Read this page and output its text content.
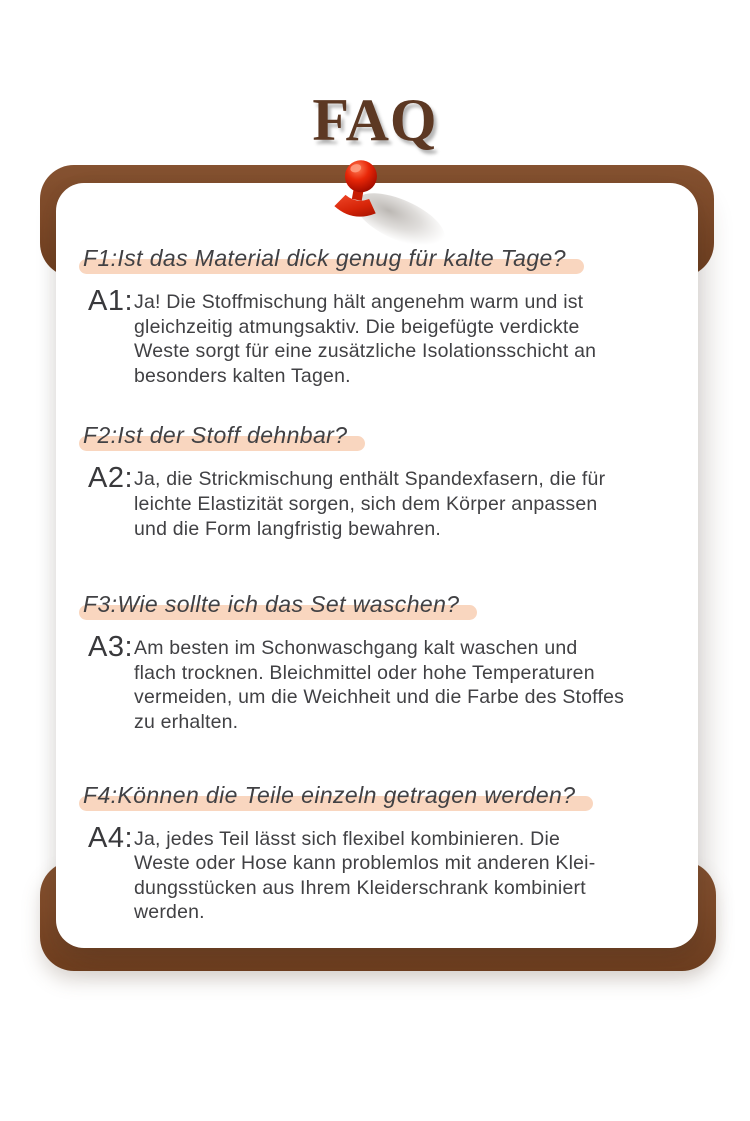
FAQ
F1:Ist das Material dick genug für kalte Tage?
A1: Ja! Die Stoffmischung hält angenehm warm und ist
gleichzeitig atmungsaktiv. Die beigefügte verdickte
Weste sorgt für eine zusätzliche Isolationsschicht an
besonders kalten Tagen.
F2:Ist der Stoff dehnbar?
A2: Ja, die Strickmischung enthält Spandexfasern, die für
leichte Elastizität sorgen, sich dem Körper anpassen
und die Form langfristig bewahren.
F3:Wie sollte ich das Set waschen?
A3: Am besten im Schonwaschgang kalt waschen und
flach trocknen. Bleichmittel oder hohe Temperaturen
vermeiden, um die Weichheit und die Farbe des Stoffes
zu erhalten.
F4:Können die Teile einzeln getragen werden?
A4: Ja, jedes Teil lässt sich flexibel kombinieren. Die
Weste oder Hose kann problemlos mit anderen Klei-
dungsstücken aus Ihrem Kleiderschrank kombiniert
werden.
